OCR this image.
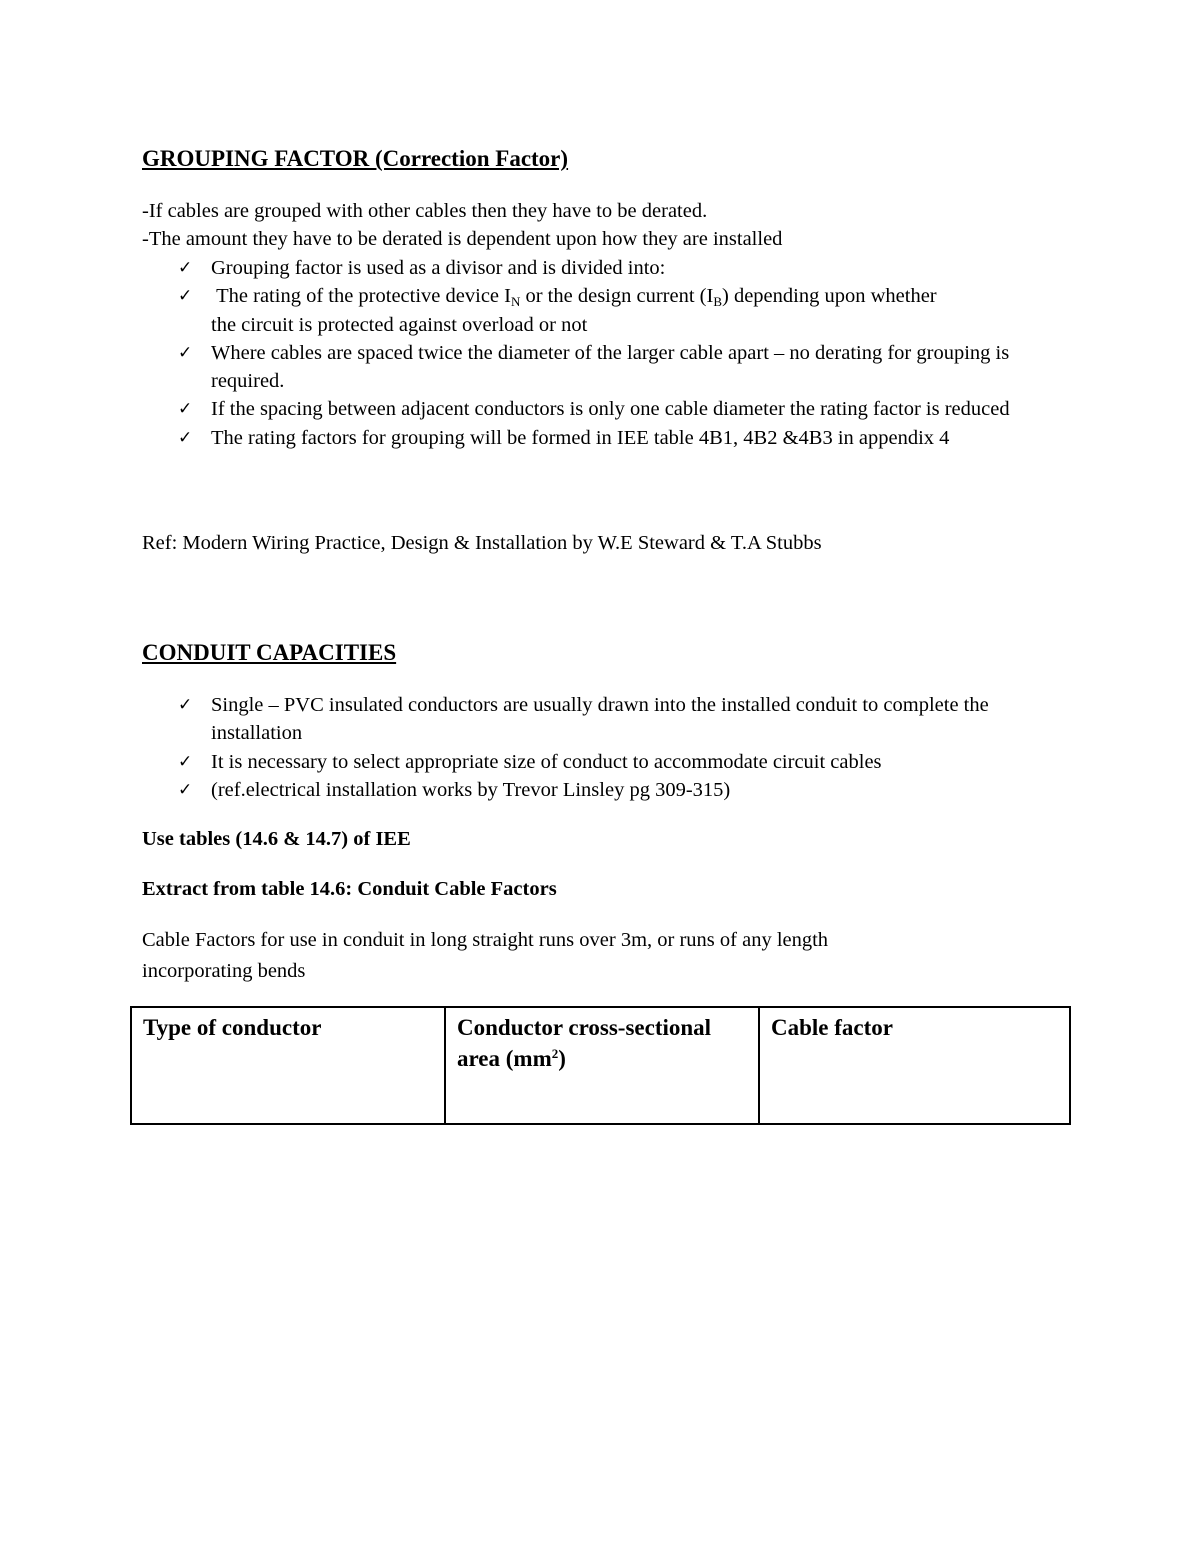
GROUPING FACTOR (Correction Factor)

-If cables are grouped with other cables then they have to be derated.

-The amount they have to be derated is dependent upon how they are installed

✓ Grouping factor is used as a divisor and is divided into:
✓ The rating of the protective device $I_N$ or the design current $(I_B)$ depending upon whether
the circuit is protected against overload or not
✓ Where cables are spaced twice the diameter of the larger cable apart – no derating for grouping is required.
✓ If the spacing between adjacent conductors is only one cable diameter the rating factor is reduced
✓ The rating factors for grouping will be formed in IEE table 4B1, 4B2 &4B3 in appendix 4

Ref: Modern Wiring Practice, Design & Installation by W.E Steward & T.A Stubbs

CONDUIT CAPACITIES
✓ Single – PVC insulated conductors are usually drawn into the installed conduit to complete the installation
✓ It is necessary to select appropriate size of conduct to accommodate circuit cables
✓ (ref.electrical installation works by Trevor Linsley pg 309-315)

Use tables (14.6 & 14.7) of IEE

Extract from table 14.6: Conduit Cable Factors

Cable Factors for use in conduit in long straight runs over 3m, or runs of any length

incorporating bends

Type of conductor	Conductor cross-sectional area $(mm^2)$	Cable factor
